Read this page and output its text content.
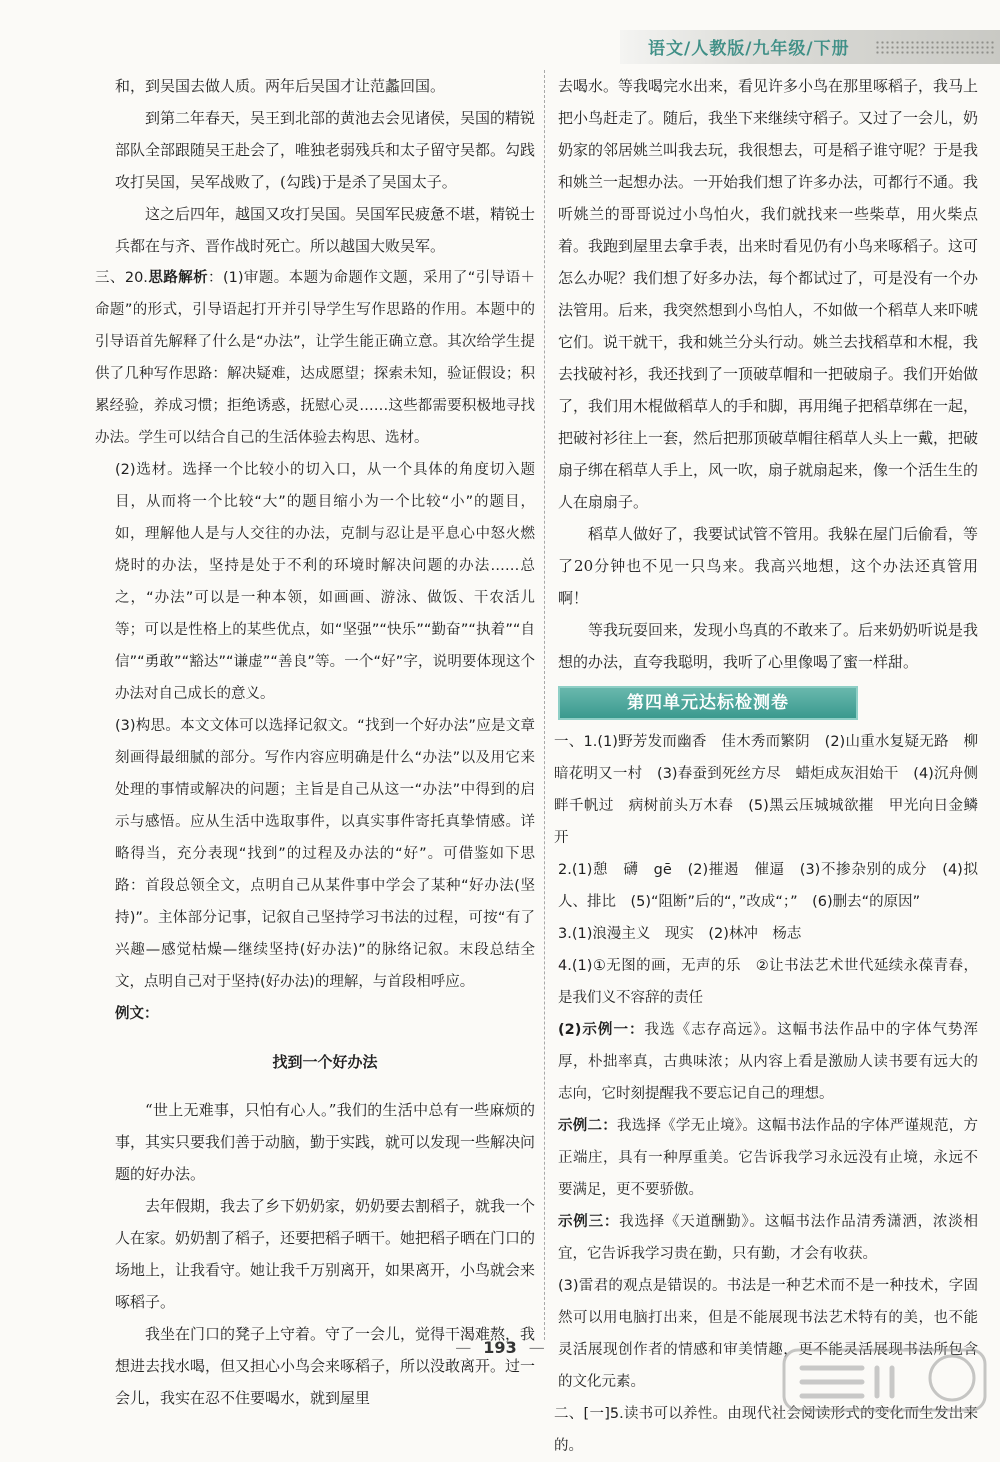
语文/人教版/九年级/下册

和，到吴国去做人质。两年后吴国才让范蠡回国。

到第二年春天，吴王到北部的黄池去会见诸侯，吴国的精锐部队全部跟随吴王赴会了，唯独老弱残兵和太子留守吴都。勾践攻打吴国，吴军战败了，(勾践)于是杀了吴国太子。

这之后四年，越国又攻打吴国。吴国军民疲惫不堪，精锐士兵都在与齐、晋作战时死亡。所以越国大败吴军。

三、20.思路解析：(1)审题。本题为命题作文题，采用了“引导语＋命题”的形式，引导语起打开并引导学生写作思路的作用。本题中的引导语首先解释了什么是“办法”，让学生能正确立意。其次给学生提供了几种写作思路：解决疑难，达成愿望；探索未知，验证假设；积累经验，养成习惯；拒绝诱惑，抚慰心灵……这些都需要积极地寻找办法。学生可以结合自己的生活体验去构思、选材。

(2)选材。选择一个比较小的切入口，从一个具体的角度切入题目，从而将一个比较“大”的题目缩小为一个比较“小”的题目，如，理解他人是与人交往的办法，克制与忍让是平息心中怒火燃烧时的办法，坚持是处于不利的环境时解决问题的办法……总之，“办法”可以是一种本领，如画画、游泳、做饭、干农活儿等；可以是性格上的某些优点，如“坚强”“快乐”“勤奋”“执着”“自信”“勇敢”“豁达”“谦虚”“善良”等。一个“好”字，说明要体现这个办法对自己成长的意义。

(3)构思。本文文体可以选择记叙文。“找到一个好办法”应是文章刻画得最细腻的部分。写作内容应明确是什么“办法”以及用它来处理的事情或解决的问题；主旨是自己从这一“办法”中得到的启示与感悟。应从生活中选取事件，以真实事件寄托真挚情感。详略得当，充分表现“找到”的过程及办法的“好”。可借鉴如下思路：首段总领全文，点明自己从某件事中学会了某种“好办法(坚持)”。主体部分记事，记叙自己坚持学习书法的过程，可按“有了兴趣—感觉枯燥—继续坚持(好办法)”的脉络记叙。末段总结全文，点明自己对于坚持(好办法)的理解，与首段相呼应。

例文：

找到一个好办法

“世上无难事，只怕有心人。”我们的生活中总有一些麻烦的事，其实只要我们善于动脑，勤于实践，就可以发现一些解决问题的好办法。

去年假期，我去了乡下奶奶家，奶奶要去割稻子，就我一个人在家。奶奶割了稻子，还要把稻子晒干。她把稻子晒在门口的场地上，让我看守。她让我千万别离开，如果离开，小鸟就会来啄稻子。

我坐在门口的凳子上守着。守了一会儿，觉得干渴难熬，我想进去找水喝，但又担心小鸟会来啄稻子，所以没敢离开。过一会儿，我实在忍不住要喝水，就到屋里

去喝水。等我喝完水出来，看见许多小鸟在那里啄稻子，我马上把小鸟赶走了。随后，我坐下来继续守稻子。又过了一会儿，奶奶家的邻居姚兰叫我去玩，我很想去，可是稻子谁守呢？于是我和姚兰一起想办法。一开始我们想了许多办法，可都行不通。我听姚兰的哥哥说过小鸟怕火，我们就找来一些柴草，用火柴点着。我跑到屋里去拿手表，出来时看见仍有小鸟来啄稻子。这可怎么办呢？我们想了好多办法，每个都试过了，可是没有一个办法管用。后来，我突然想到小鸟怕人，不如做一个稻草人来吓唬它们。说干就干，我和姚兰分头行动。姚兰去找稻草和木棍，我去找破衬衫，我还找到了一顶破草帽和一把破扇子。我们开始做了，我们用木棍做稻草人的手和脚，再用绳子把稻草绑在一起，把破衬衫往上一套，然后把那顶破草帽往稻草人头上一戴，把破扇子绑在稻草人手上，风一吹，扇子就扇起来，像一个活生生的人在扇扇子。

稻草人做好了，我要试试管不管用。我躲在屋门后偷看，等了20分钟也不见一只鸟来。我高兴地想，这个办法还真管用啊！

等我玩耍回来，发现小鸟真的不敢来了。后来奶奶听说是我想的办法，直夸我聪明，我听了心里像喝了蜜一样甜。

第四单元达标检测卷

一、1.(1)野芳发而幽香　佳木秀而繁阴　(2)山重水复疑无路　柳暗花明又一村　(3)春蚕到死丝方尽　蜡炬成灰泪始干　(4)沉舟侧畔千帆过　病树前头万木春　(5)黑云压城城欲摧　甲光向日金鳞开

2.(1)憩　礴　gē　(2)摧遏　催逼　(3)不掺杂别的成分　(4)拟人、排比　(5)“阻断”后的“，”改成“；”　(6)删去“的原因”

3.(1)浪漫主义　现实　(2)林冲　杨志

4.(1)①无图的画，无声的乐　②让书法艺术世代延续永葆青春，是我们义不容辞的责任

(2)示例一：我选《志存高远》。这幅书法作品中的字体气势浑厚，朴拙率真，古典味浓；从内容上看是激励人读书要有远大的志向，它时刻提醒我不要忘记自己的理想。

示例二：我选择《学无止境》。这幅书法作品的字体严谨规范，方正端庄，具有一种厚重美。它告诉我学习永远没有止境，永远不要满足，更不要骄傲。

示例三：我选择《天道酬勤》。这幅书法作品清秀潇洒，浓淡相宜，它告诉我学习贵在勤，只有勤，才会有收获。

(3)雷君的观点是错误的。书法是一种艺术而不是一种技术，字固然可以用电脑打出来，但是不能展现书法艺术特有的美，也不能灵活展现创作者的情感和审美情趣，更不能灵活展现书法所包含的文化元素。

二、[一]5.读书可以养性。由现代社会阅读形式的变化而生发出来的。

— 193 —
